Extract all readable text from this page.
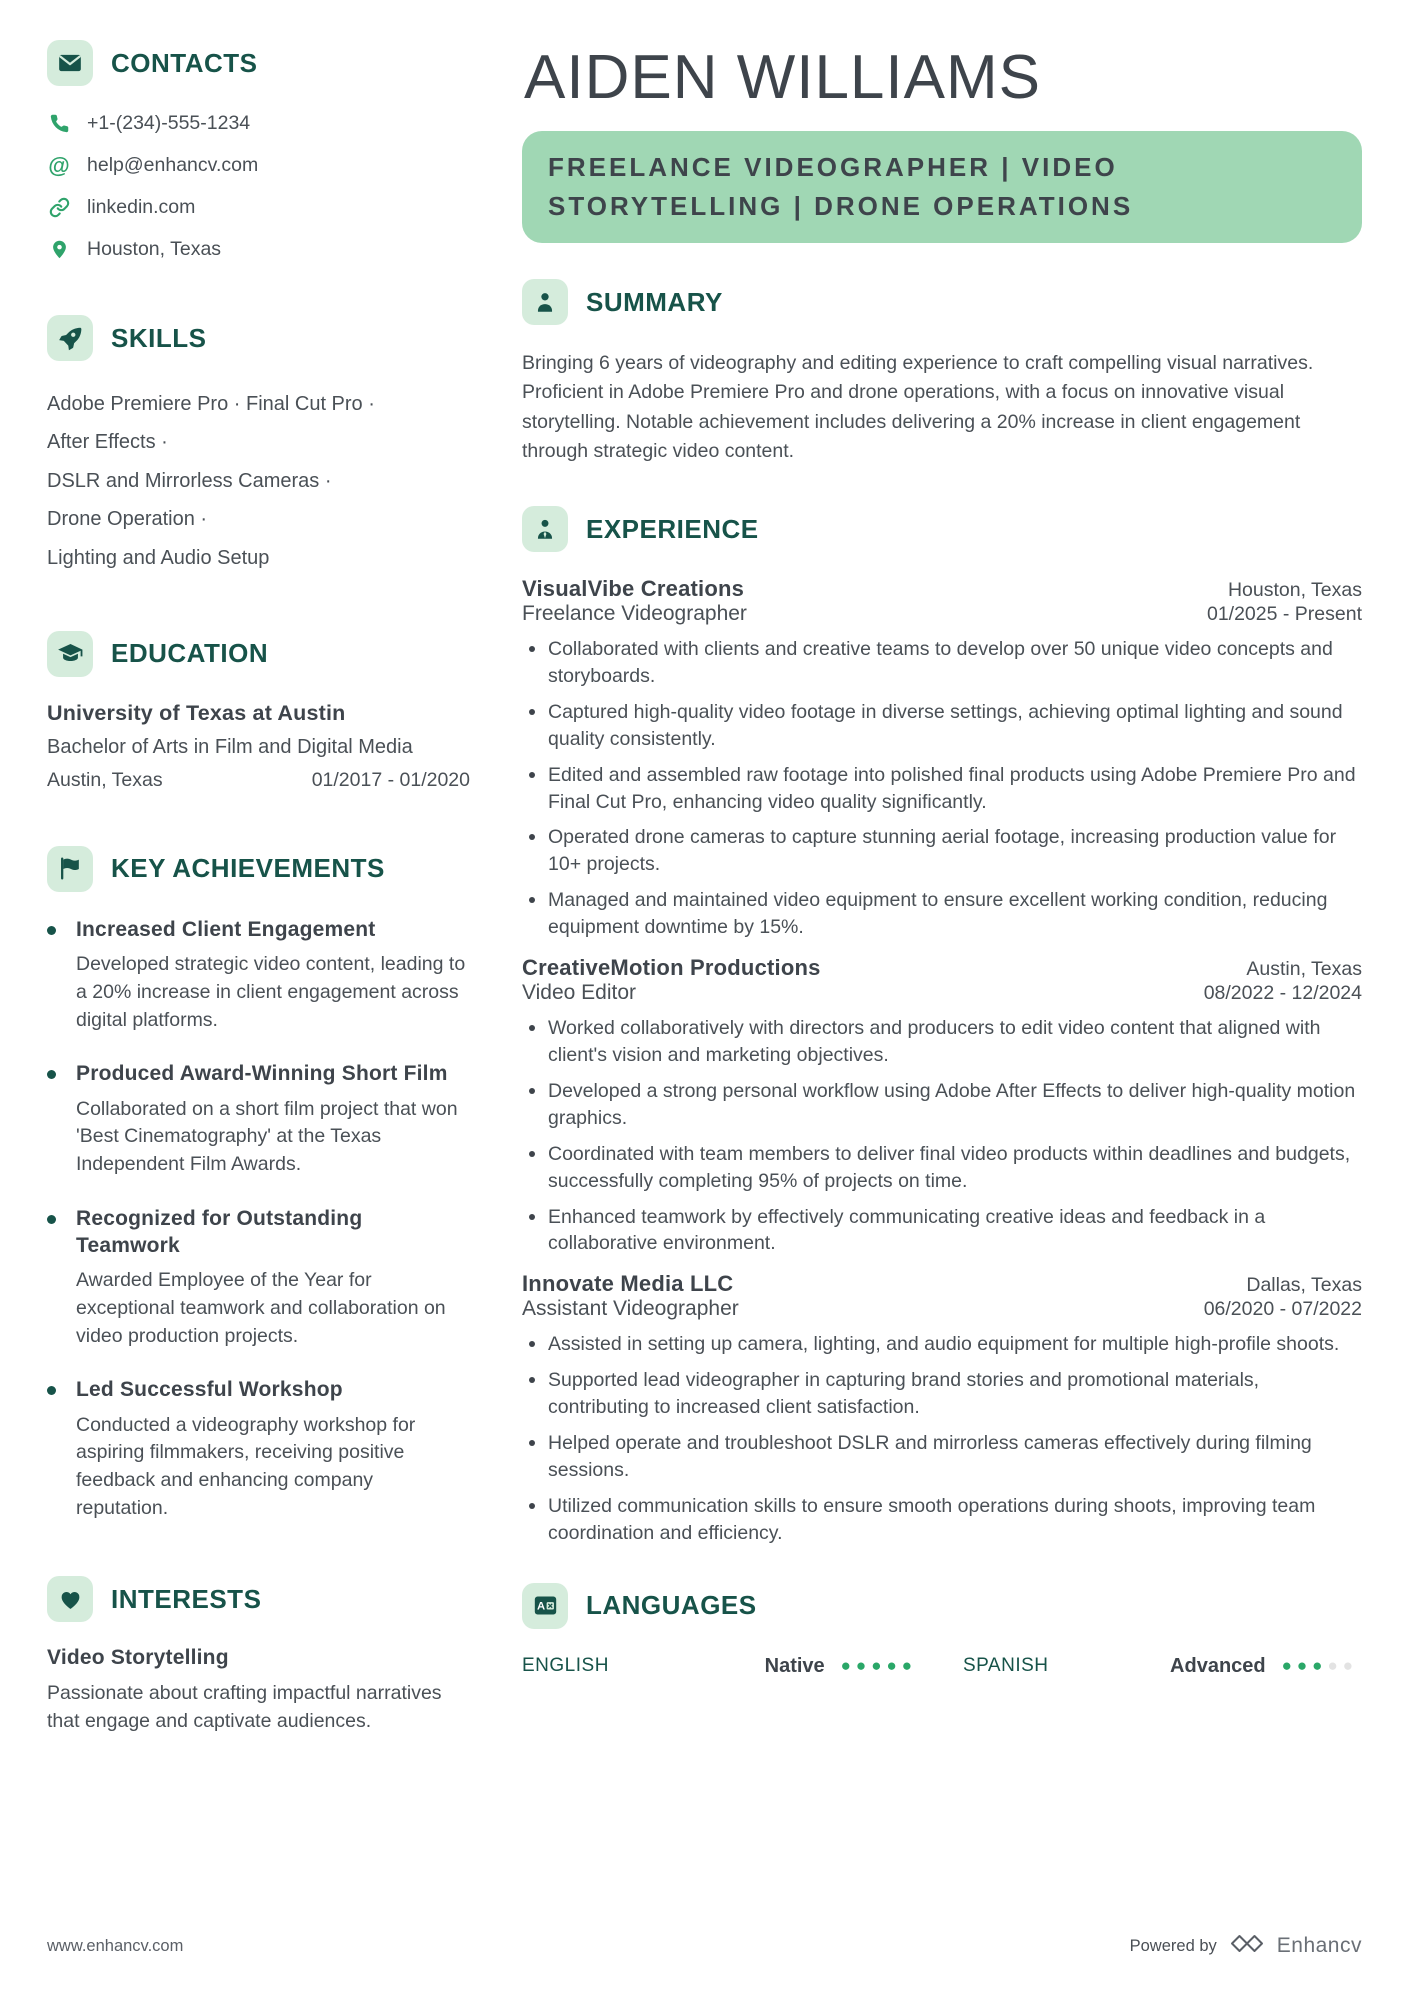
CONTACTS
+1-(234)-555-1234
@ help@enhancv.com
linkedin.com
Houston, Texas
SKILLS
Adobe Premiere Pro · Final Cut Pro ·
After Effects ·
DSLR and Mirrorless Cameras ·
Drone Operation ·
Lighting and Audio Setup
EDUCATION
University of Texas at Austin
Bachelor of Arts in Film and Digital Media
Austin, Texas	01/2017 - 01/2020
KEY ACHIEVEMENTS
Increased Client Engagement
Developed strategic video content, leading to a 20% increase in client engagement across digital platforms.
Produced Award-Winning Short Film
Collaborated on a short film project that won 'Best Cinematography' at the Texas Independent Film Awards.
Recognized for Outstanding Teamwork
Awarded Employee of the Year for exceptional teamwork and collaboration on video production projects.
Led Successful Workshop
Conducted a videography workshop for aspiring filmmakers, receiving positive feedback and enhancing company reputation.
INTERESTS
Video Storytelling
Passionate about crafting impactful narratives that engage and captivate audiences.
AIDEN WILLIAMS
FREELANCE VIDEOGRAPHER | VIDEO STORYTELLING | DRONE OPERATIONS
SUMMARY

Bringing 6 years of videography and editing experience to craft compelling visual narratives. Proficient in Adobe Premiere Pro and drone operations, with a focus on innovative visual storytelling. Notable achievement includes delivering a 20% increase in client engagement through strategic video content.

EXPERIENCE
VisualVibe Creations	Houston, Texas
Freelance Videographer	01/2025 - Present
Collaborated with clients and creative teams to develop over 50 unique video concepts and storyboards.
Captured high-quality video footage in diverse settings, achieving optimal lighting and sound quality consistently.
Edited and assembled raw footage into polished final products using Adobe Premiere Pro and Final Cut Pro, enhancing video quality significantly.
Operated drone cameras to capture stunning aerial footage, increasing production value for 10+ projects.
Managed and maintained video equipment to ensure excellent working condition, reducing equipment downtime by 15%.
CreativeMotion Productions	Austin, Texas
Video Editor	08/2022 - 12/2024
Worked collaboratively with directors and producers to edit video content that aligned with client's vision and marketing objectives.
Developed a strong personal workflow using Adobe After Effects to deliver high-quality motion graphics.
Coordinated with team members to deliver final video products within deadlines and budgets, successfully completing 95% of projects on time.
Enhanced teamwork by effectively communicating creative ideas and feedback in a collaborative environment.
Innovate Media LLC	Dallas, Texas
Assistant Videographer	06/2020 - 07/2022
Assisted in setting up camera, lighting, and audio equipment for multiple high-profile shoots.
Supported lead videographer in capturing brand stories and promotional materials, contributing to increased client satisfaction.
Helped operate and troubleshoot DSLR and mirrorless cameras effectively during filming sessions.
Utilized communication skills to ensure smooth operations during shoots, improving team coordination and efficiency.
A LANGUAGES
ENGLISH	Native ●●●●● SPANISH	Advanced ●●●●●
www.enhancv.com	Powered by	Enhancv
